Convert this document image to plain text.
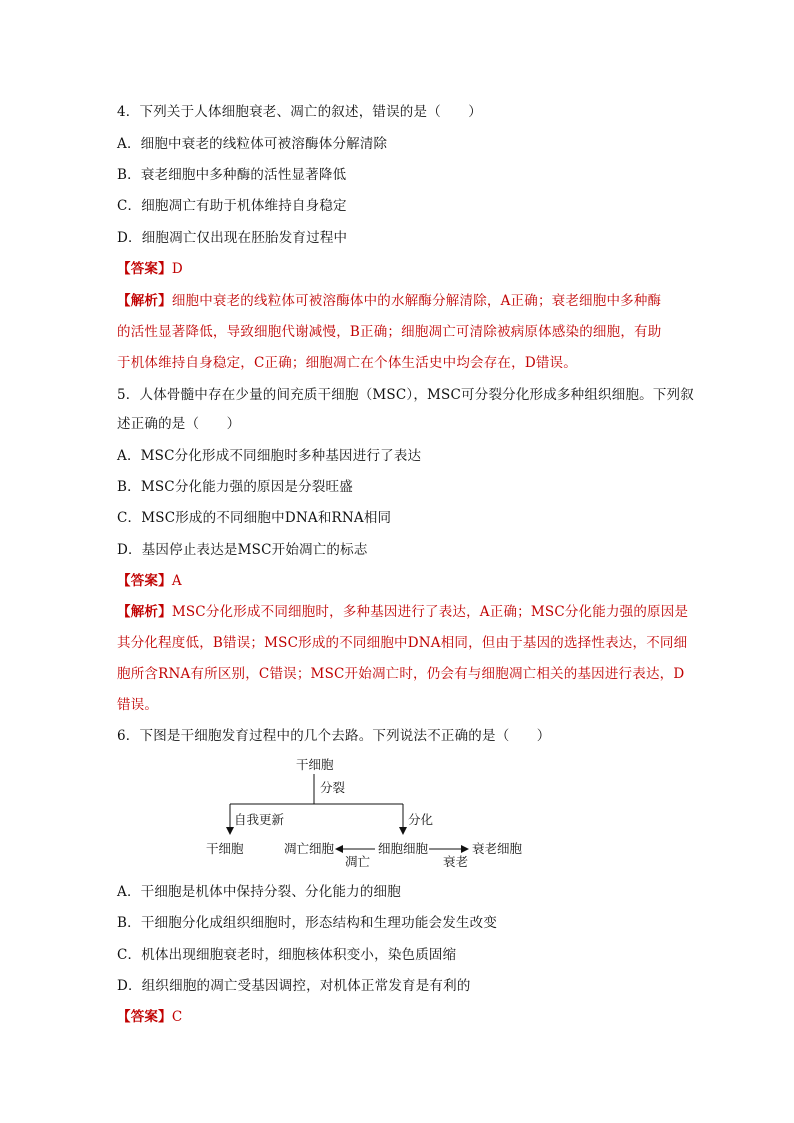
4．下列关于人体细胞衰老、凋亡的叙述，错误的是（　　）
A．细胞中衰老的线粒体可被溶酶体分解清除
B．衰老细胞中多种酶的活性显著降低
C．细胞凋亡有助于机体维持自身稳定
D．细胞凋亡仅出现在胚胎发育过程中
【答案】D
【解析】细胞中衰老的线粒体可被溶酶体中的水解酶分解清除，A正确；衰老细胞中多种酶
的活性显著降低，导致细胞代谢减慢，B正确；细胞凋亡可清除被病原体感染的细胞，有助
于机体维持自身稳定，C正确；细胞凋亡在个体生活史中均会存在，D错误。
5．人体骨髓中存在少量的间充质干细胞（MSC），MSC可分裂分化形成多种组织细胞。下列叙
述正确的是（　　）
A．MSC分化形成不同细胞时多种基因进行了表达
B．MSC分化能力强的原因是分裂旺盛
C．MSC形成的不同细胞中DNA和RNA相同
D．基因停止表达是MSC开始凋亡的标志
【答案】A
【解析】MSC分化形成不同细胞时，多种基因进行了表达，A正确；MSC分化能力强的原因是
其分化程度低，B错误；MSC形成的不同细胞中DNA相同，但由于基因的选择性表达，不同细
胞所含RNA有所区别，C错误；MSC开始凋亡时，仍会有与细胞凋亡相关的基因进行表达，D
错误。
6．下图是干细胞发育过程中的几个去路。下列说法不正确的是（　　）
干细胞
分裂
自我更新	分化
干细胞	凋亡细胞
凋亡
细胞细胞
衰老
衰老细胞
A．干细胞是机体中保持分裂、分化能力的细胞
B．干细胞分化成组织细胞时，形态结构和生理功能会发生改变
C．机体出现细胞衰老时，细胞核体积变小，染色质固缩
D．组织细胞的凋亡受基因调控，对机体正常发育是有利的
【答案】C
